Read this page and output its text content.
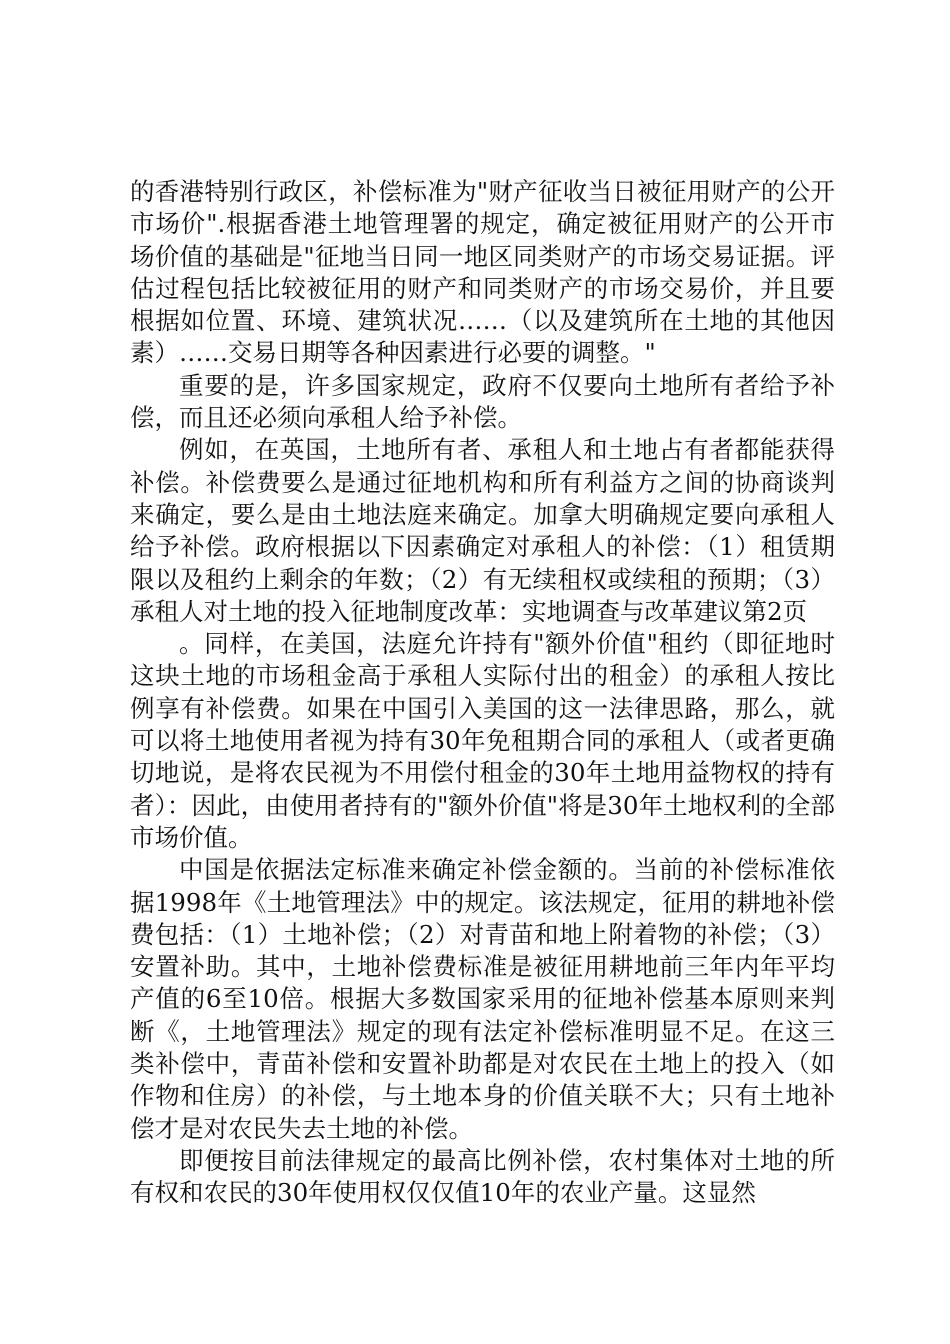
的香港特别行政区，补偿标准为"财产征收当日被征用财产的公开市场价".根据香港土地管理署的规定，确定被征用财产的公开市场价值的基础是"征地当日同一地区同类财产的市场交易证据。评估过程包括比较被征用的财产和同类财产的市场交易价，并且要根据如位置、环境、建筑状况……（以及建筑所在土地的其他因素）……交易日期等各种因素进行必要的调整。"

重要的是，许多国家规定，政府不仅要向土地所有者给予补偿，而且还必须向承租人给予补偿。

例如，在英国，土地所有者、承租人和土地占有者都能获得补偿。补偿费要么是通过征地机构和所有利益方之间的协商谈判来确定，要么是由土地法庭来确定。加拿大明确规定要向承租人给予补偿。政府根据以下因素确定对承租人的补偿：（1）租赁期限以及租约上剩余的年数；（2）有无续租权或续租的预期；（3）承租人对土地的投入征地制度改革：实地调查与改革建议第2页

。同样，在美国，法庭允许持有"额外价值"租约（即征地时这块土地的市场租金高于承租人实际付出的租金）的承租人按比例享有补偿费。如果在中国引入美国的这一法律思路，那么，就可以将土地使用者视为持有30年免租期合同的承租人（或者更确切地说，是将农民视为不用偿付租金的30年土地用益物权的持有者）：因此，由使用者持有的"额外价值"将是30年土地权利的全部市场价值。

中国是依据法定标准来确定补偿金额的。当前的补偿标准依据1998年《土地管理法》中的规定。该法规定，征用的耕地补偿费包括：（1）土地补偿；（2）对青苗和地上附着物的补偿；（3）安置补助。其中，土地补偿费标准是被征用耕地前三年内年平均产值的6至10倍。根据大多数国家采用的征地补偿基本原则来判断《，土地管理法》规定的现有法定补偿标准明显不足。在这三类补偿中，青苗补偿和安置补助都是对农民在土地上的投入（如作物和住房）的补偿，与土地本身的价值关联不大；只有土地补偿才是对农民失去土地的补偿。

即便按目前法律规定的最高比例补偿，农村集体对土地的所有权和农民的30年使用权仅仅值10年的农业产量。这显然
